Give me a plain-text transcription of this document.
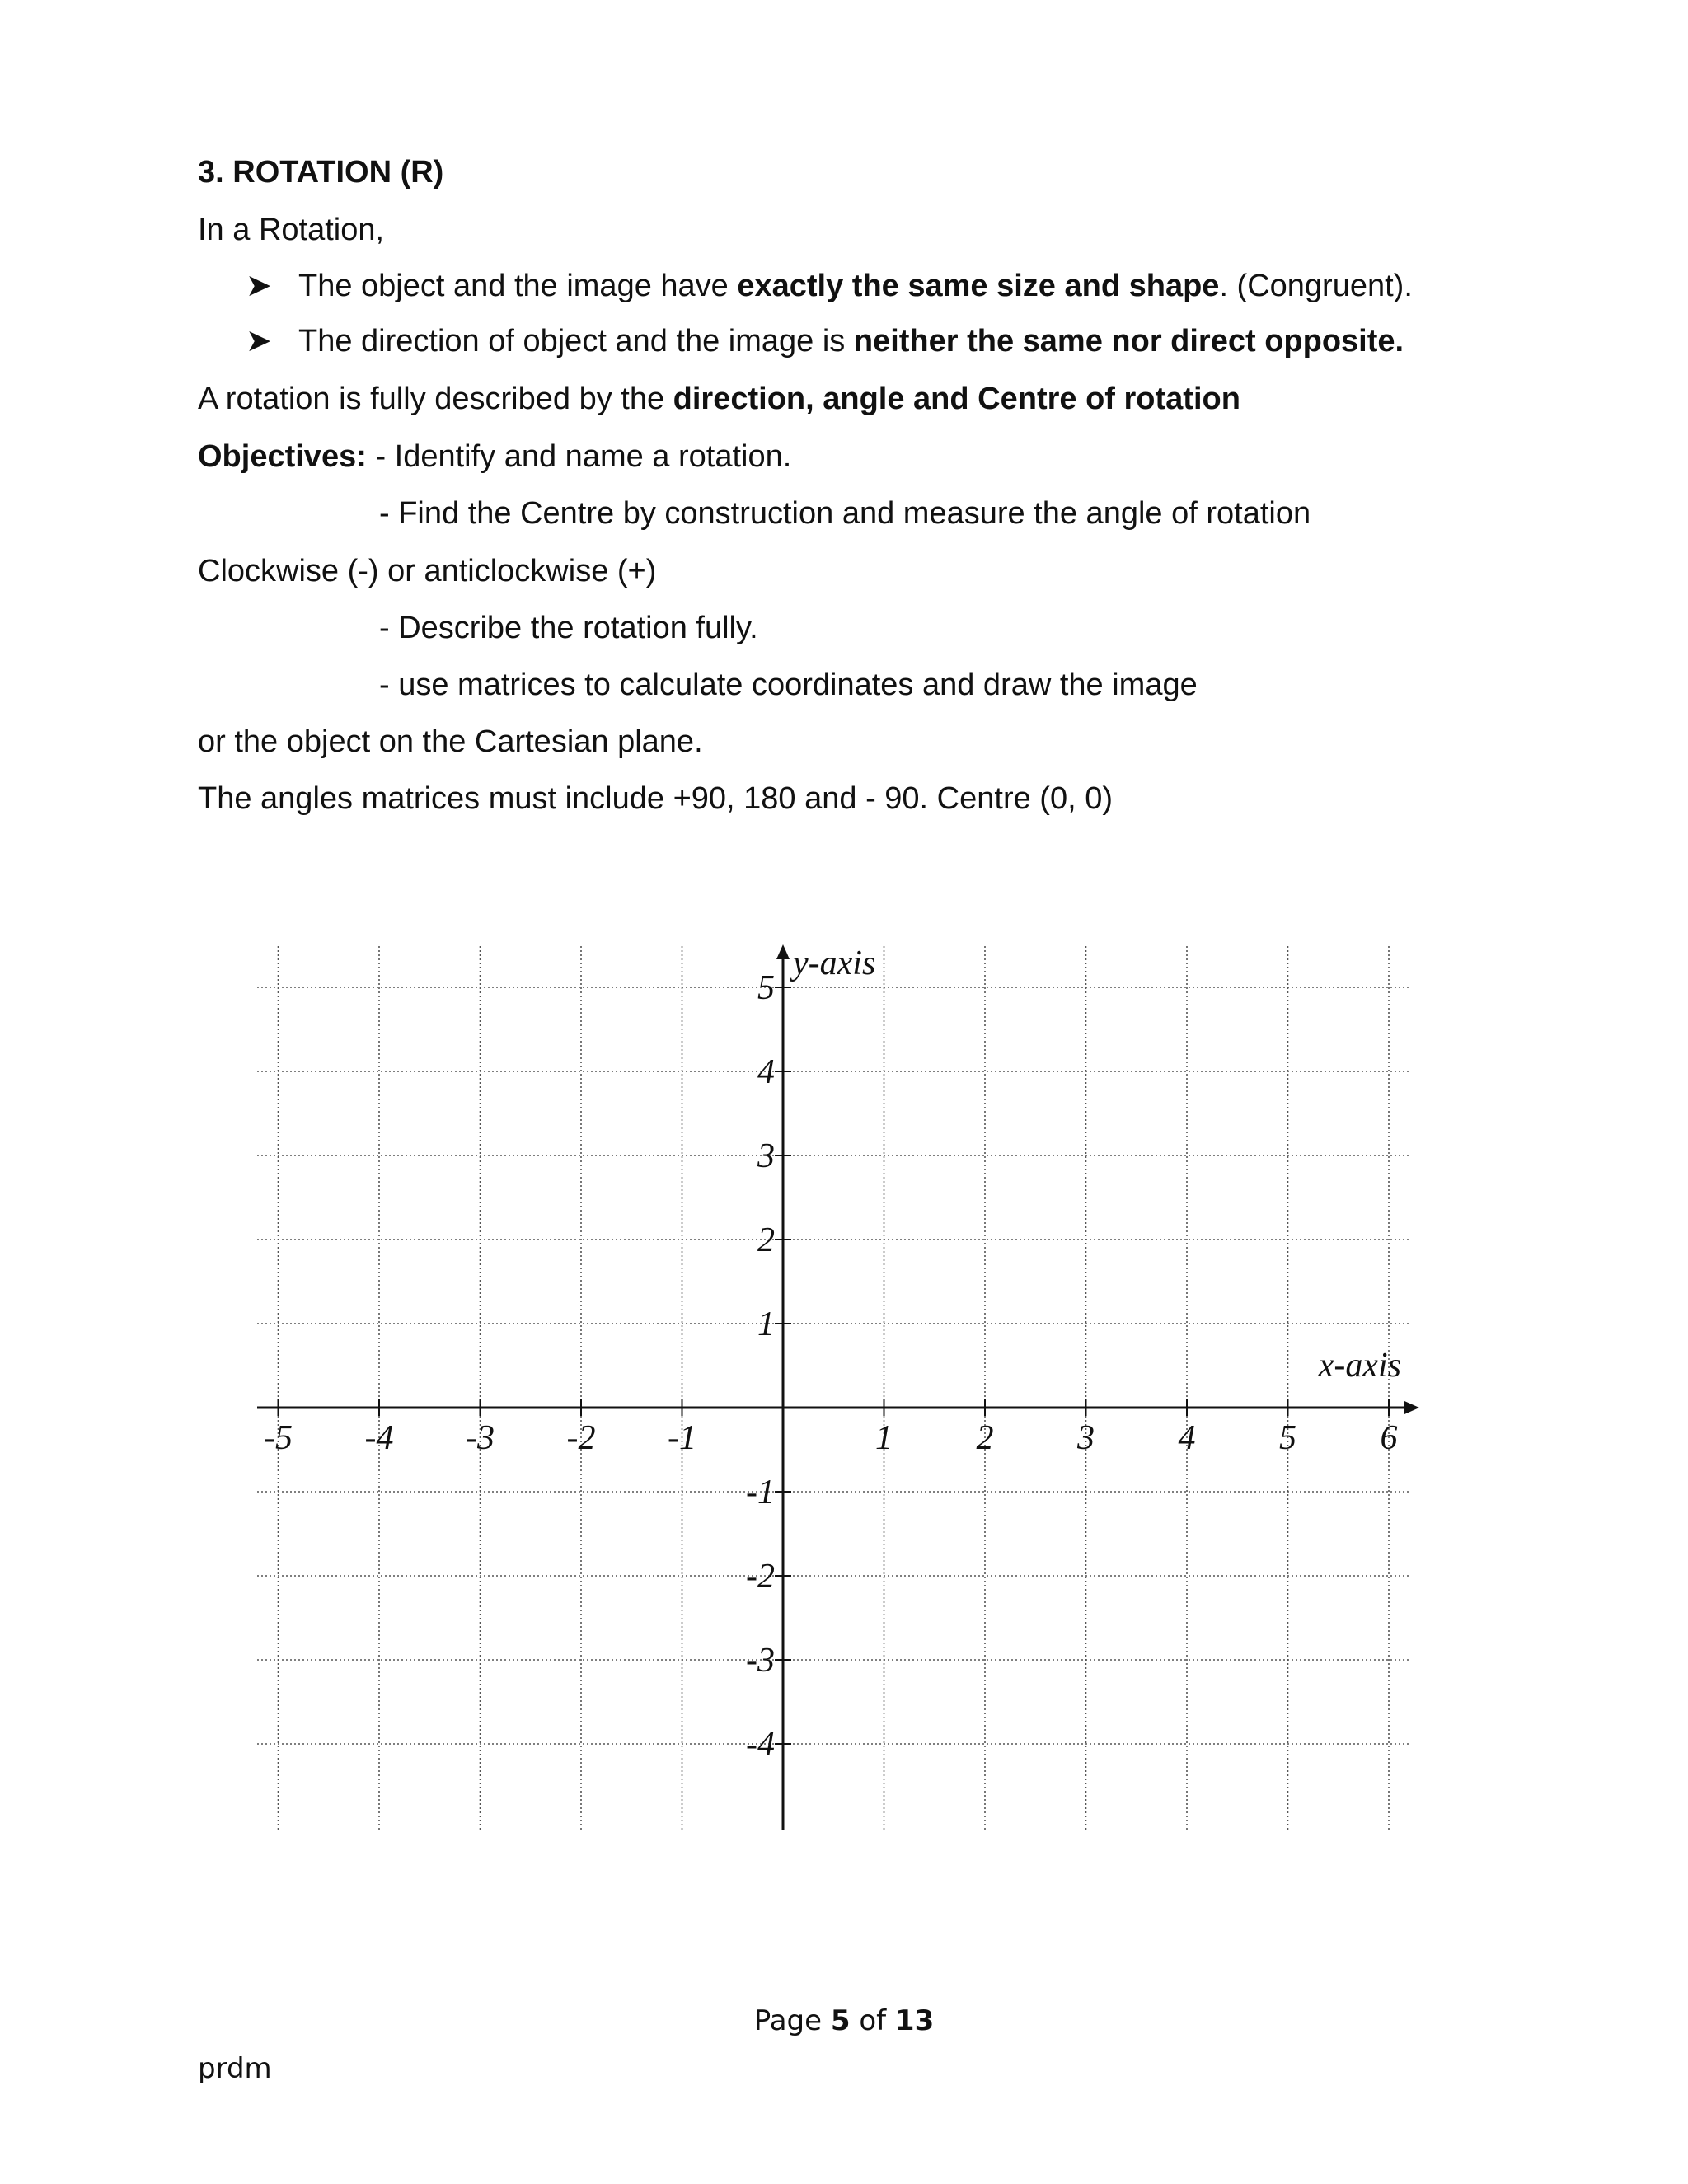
3. ROTATION (R)
In a Rotation,
➤ The object and the image have exactly the same size and shape. (Congruent).
➤ The direction of object and the image is neither the same nor direct opposite.
A rotation is fully described by the direction, angle and Centre of rotation
Objectives: - Identify and name a rotation.
- Find the Centre by construction and measure the angle of rotation
Clockwise (-) or anticlockwise (+)
- Describe the rotation fully.
- use matrices to calculate coordinates and draw the image
or the object on the Cartesian plane.
The angles matrices must include +90, 180 and - 90. Centre (0, 0)
-5 -4 -3 -2 -1	1 2 3 4 5 6
5
4
3
2
1
-1
-2
-3
-4
y-axis
x-axis
Page 5 of 13
prdm
